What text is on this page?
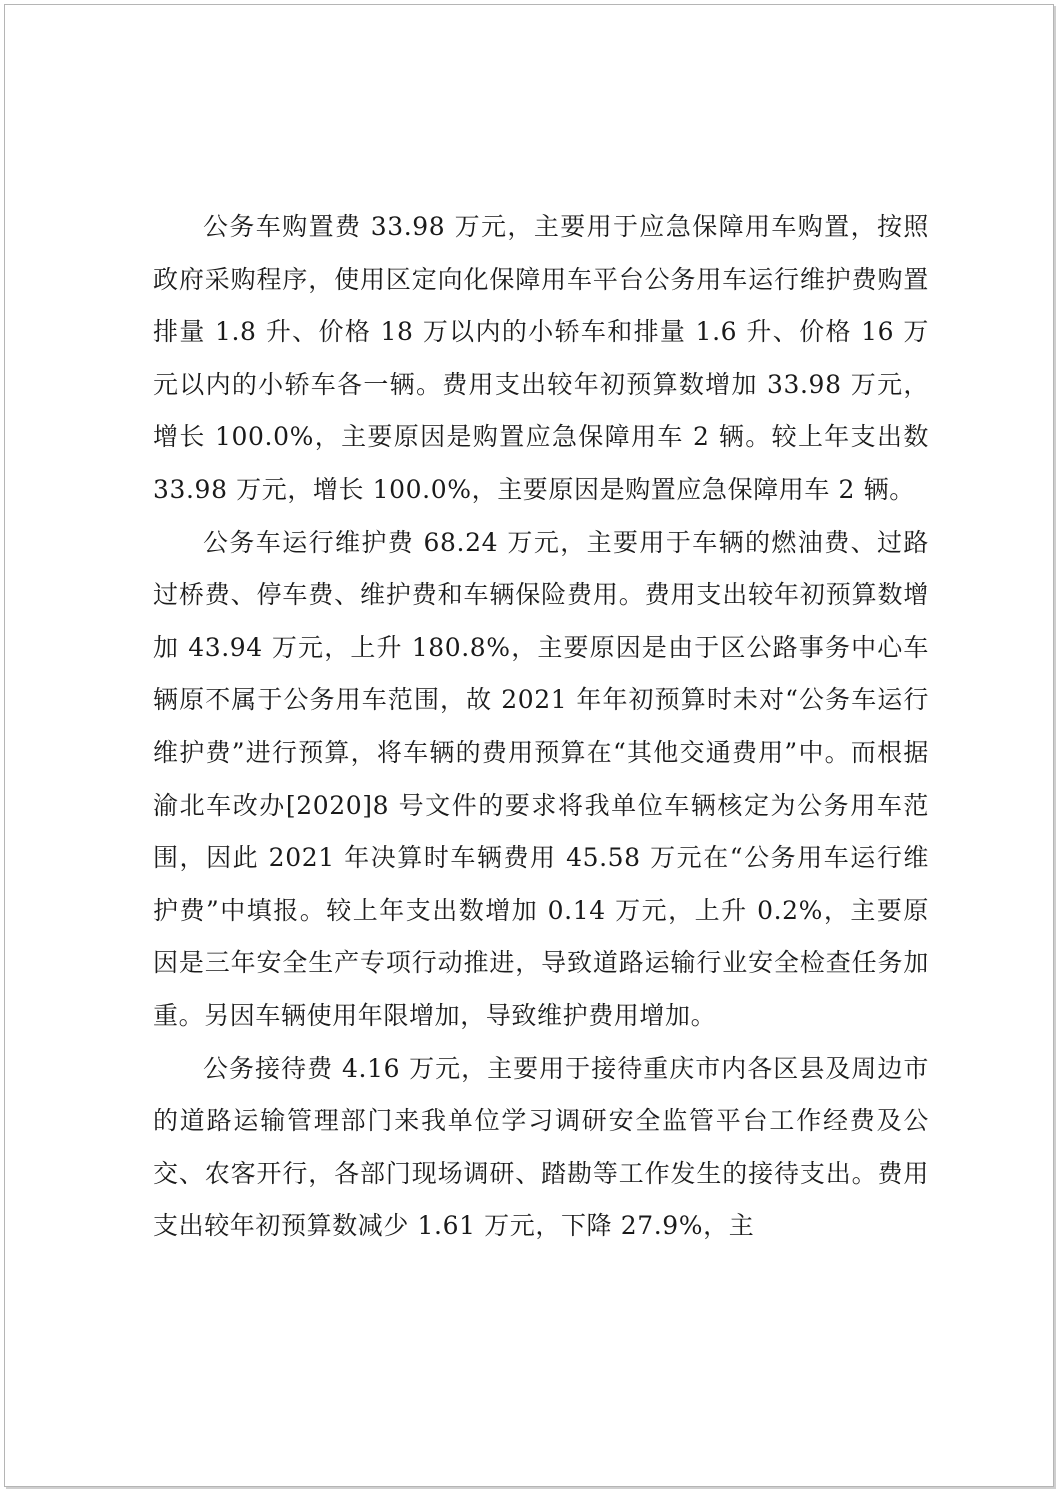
公务车购置费 33.98 万元，主要用于应急保障用车购置，按照政府采购程序，使用区定向化保障用车平台公务用车运行维护费购置排量 1.8 升、价格 18 万以内的小轿车和排量 1.6 升、价格 16 万元以内的小轿车各一辆。费用支出较年初预算数增加 33.98 万元，增长 100.0%，主要原因是购置应急保障用车 2 辆。较上年支出数 33.98 万元，增长 100.0%，主要原因是购置应急保障用车 2 辆。

公务车运行维护费 68.24 万元，主要用于车辆的燃油费、过路过桥费、停车费、维护费和车辆保险费用。费用支出较年初预算数增加 43.94 万元，上升 180.8%，主要原因是由于区公路事务中心车辆原不属于公务用车范围，故 2021 年年初预算时未对“公务车运行维护费”进行预算，将车辆的费用预算在“其他交通费用”中。而根据渝北车改办[2020]8 号文件的要求将我单位车辆核定为公务用车范围，因此 2021 年决算时车辆费用 45.58 万元在“公务用车运行维护费”中填报。较上年支出数增加 0.14 万元，上升 0.2%，主要原因是三年安全生产专项行动推进，导致道路运输行业安全检查任务加重。另因车辆使用年限增加，导致维护费用增加。

公务接待费 4.16 万元，主要用于接待重庆市内各区县及周边市的道路运输管理部门来我单位学习调研安全监管平台工作经费及公交、农客开行，各部门现场调研、踏勘等工作发生的接待支出。费用支出较年初预算数减少 1.61 万元，下降 27.9%，主
